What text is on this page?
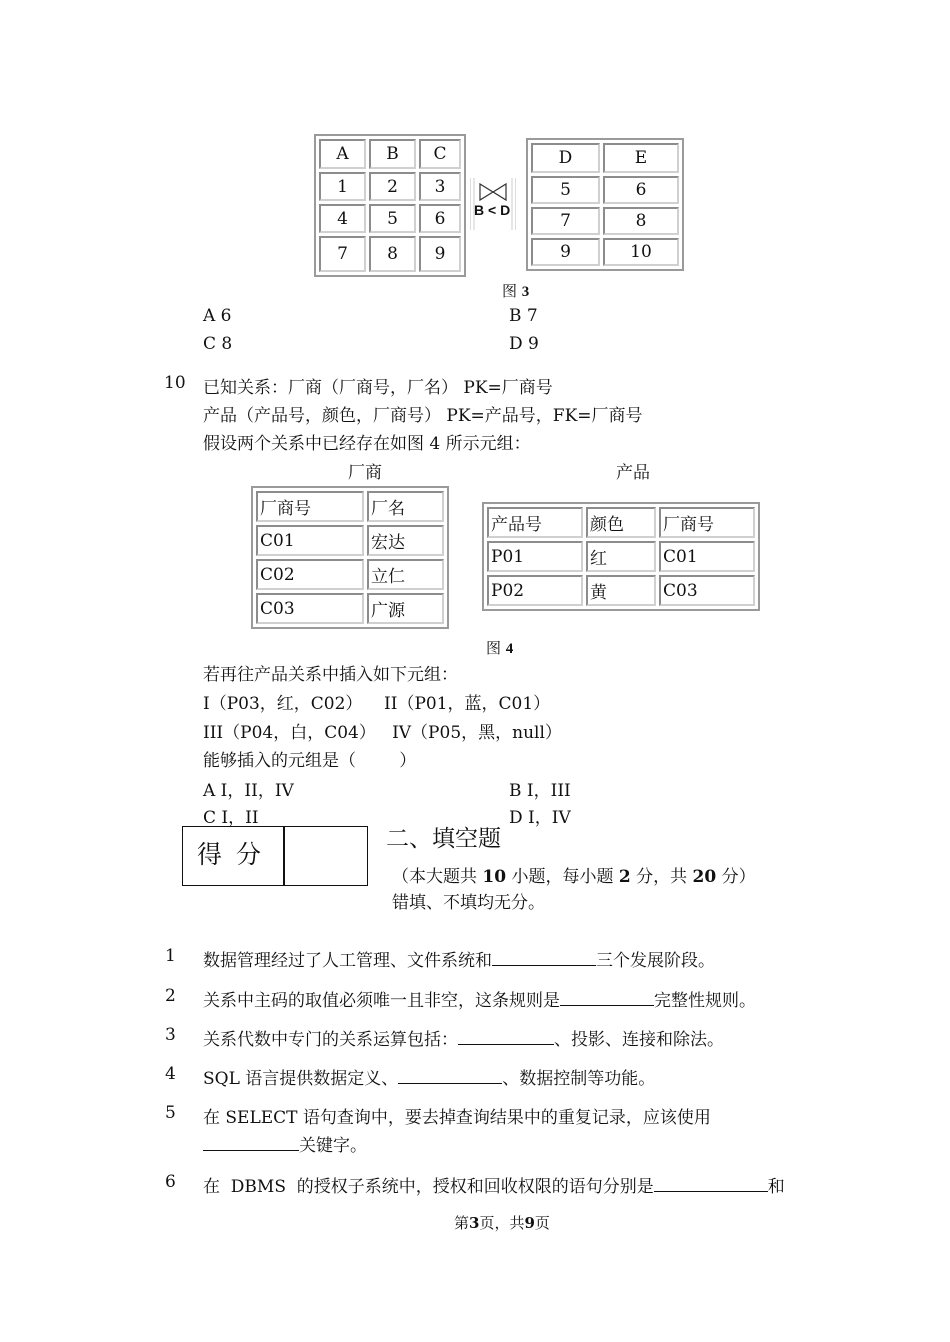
A	B	C
1	2	3
4	5	6
7	8	9
B < D
D	E
5	6
7	8
9	10
图 3
A 6	B 7
C 8	D 9
10 已知关系：厂商（厂商号，厂名） PK=厂商号
产品（产品号，颜色，厂商号） PK=产品号，FK=厂商号
假设两个关系中已经存在如图 4 所示元组：
厂商	产品
厂商号	厂名
C01	宏达
C02	立仁
C03	广源
产品号	颜色	厂商号
P01	红	C01
P02	黄	C03
图 4
若再往产品关系中插入如下元组：
I（P03，红，C02）    II（P01，蓝，C01）
III（P04，白，C04）   IV（P05，黑，null）
能够插入的元组是（        ）
A I，II，IV	B I，III
C I，II	D I，IV
得分
二、填空题
（本大题共 10 小题，每小题 2 分，共 20 分）
错填、不填均无分。
1 数据管理经过了人工管理、文件系统和	三个发展阶段。
2 关系中主码的取值必须唯一且非空，这条规则是	完整性规则。
3 关系代数中专门的关系运算包括：	、投影、连接和除法。
4 SQL 语言提供数据定义、	、数据控制等功能。
5 在 SELECT 语句查询中，要去掉查询结果中的重复记录，应该使用
关键字。
6 在  DBMS  的授权子系统中，授权和回收权限的语句分别是	和
第3页，共9页
